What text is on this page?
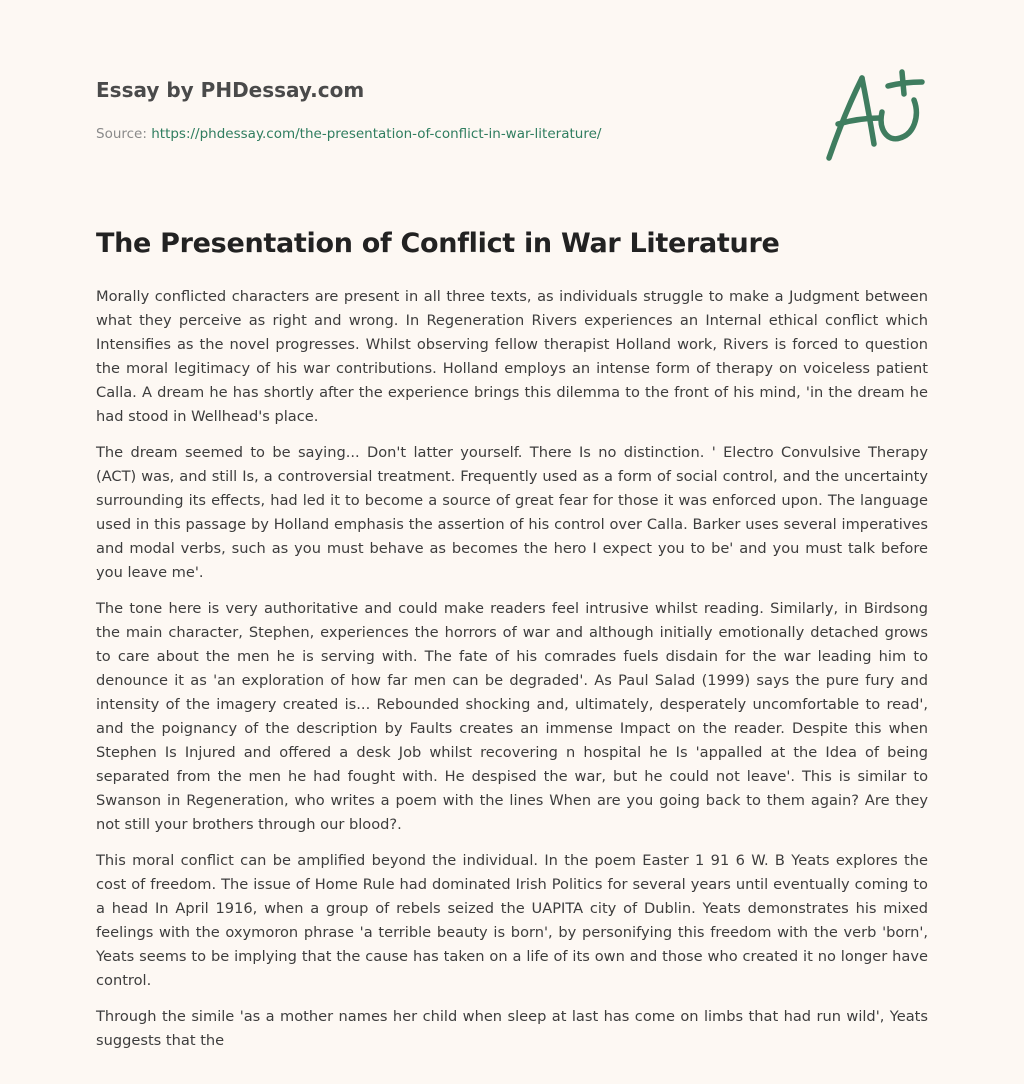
Essay by PHDessay.com
Source: https://phdessay.com/the-presentation-of-conflict-in-war-literature/
The Presentation of Conflict in War Literature

Morally conflicted characters are present in all three texts, as individuals struggle to make a Judgment between what they perceive as right and wrong. In Regeneration Rivers experiences an Internal ethical conflict which Intensifies as the novel progresses. Whilst observing fellow therapist Holland work, Rivers is forced to question the moral legitimacy of his war contributions. Holland employs an intense form of therapy on voiceless patient Calla. A dream he has shortly after the experience brings this dilemma to the front of his mind, 'in the dream he had stood in Wellhead's place.

The dream seemed to be saying... Don't latter yourself. There Is no distinction. ' Electro Convulsive Therapy (ACT) was, and still Is, a controversial treatment. Frequently used as a form of social control, and the uncertainty surrounding its effects, had led it to become a source of great fear for those it was enforced upon. The language used in this passage by Holland emphasis the assertion of his control over Calla. Barker uses several imperatives and modal verbs, such as you must behave as becomes the hero I expect you to be' and you must talk before you leave me'.

The tone here is very authoritative and could make readers feel intrusive whilst reading. Similarly, in Birdsong the main character, Stephen, experiences the horrors of war and although initially emotionally detached grows to care about the men he is serving with. The fate of his comrades fuels disdain for the war leading him to denounce it as 'an exploration of how far men can be degraded'. As Paul Salad (1999) says the pure fury and intensity of the imagery created is... Rebounded shocking and, ultimately, desperately uncomfortable to read', and the poignancy of the description by Faults creates an immense Impact on the reader. Despite this when Stephen Is Injured and offered a desk Job whilst recovering n hospital he Is 'appalled at the Idea of being separated from the men he had fought with. He despised the war, but he could not leave'. This is similar to Swanson in Regeneration, who writes a poem with the lines When are you going back to them again? Are they not still your brothers through our blood?.

This moral conflict can be amplified beyond the individual. In the poem Easter 1 91 6 W. B Yeats explores the cost of freedom. The issue of Home Rule had dominated Irish Politics for several years until eventually coming to a head In April 1916, when a group of rebels seized the UAPITA city of Dublin. Yeats demonstrates his mixed feelings with the oxymoron phrase 'a terrible beauty is born', by personifying this freedom with the verb 'born', Yeats seems to be implying that the cause has taken on a life of its own and those who created it no longer have control.

Through the simile 'as a mother names her child when sleep at last has come on limbs that had run wild', Yeats suggests that the
